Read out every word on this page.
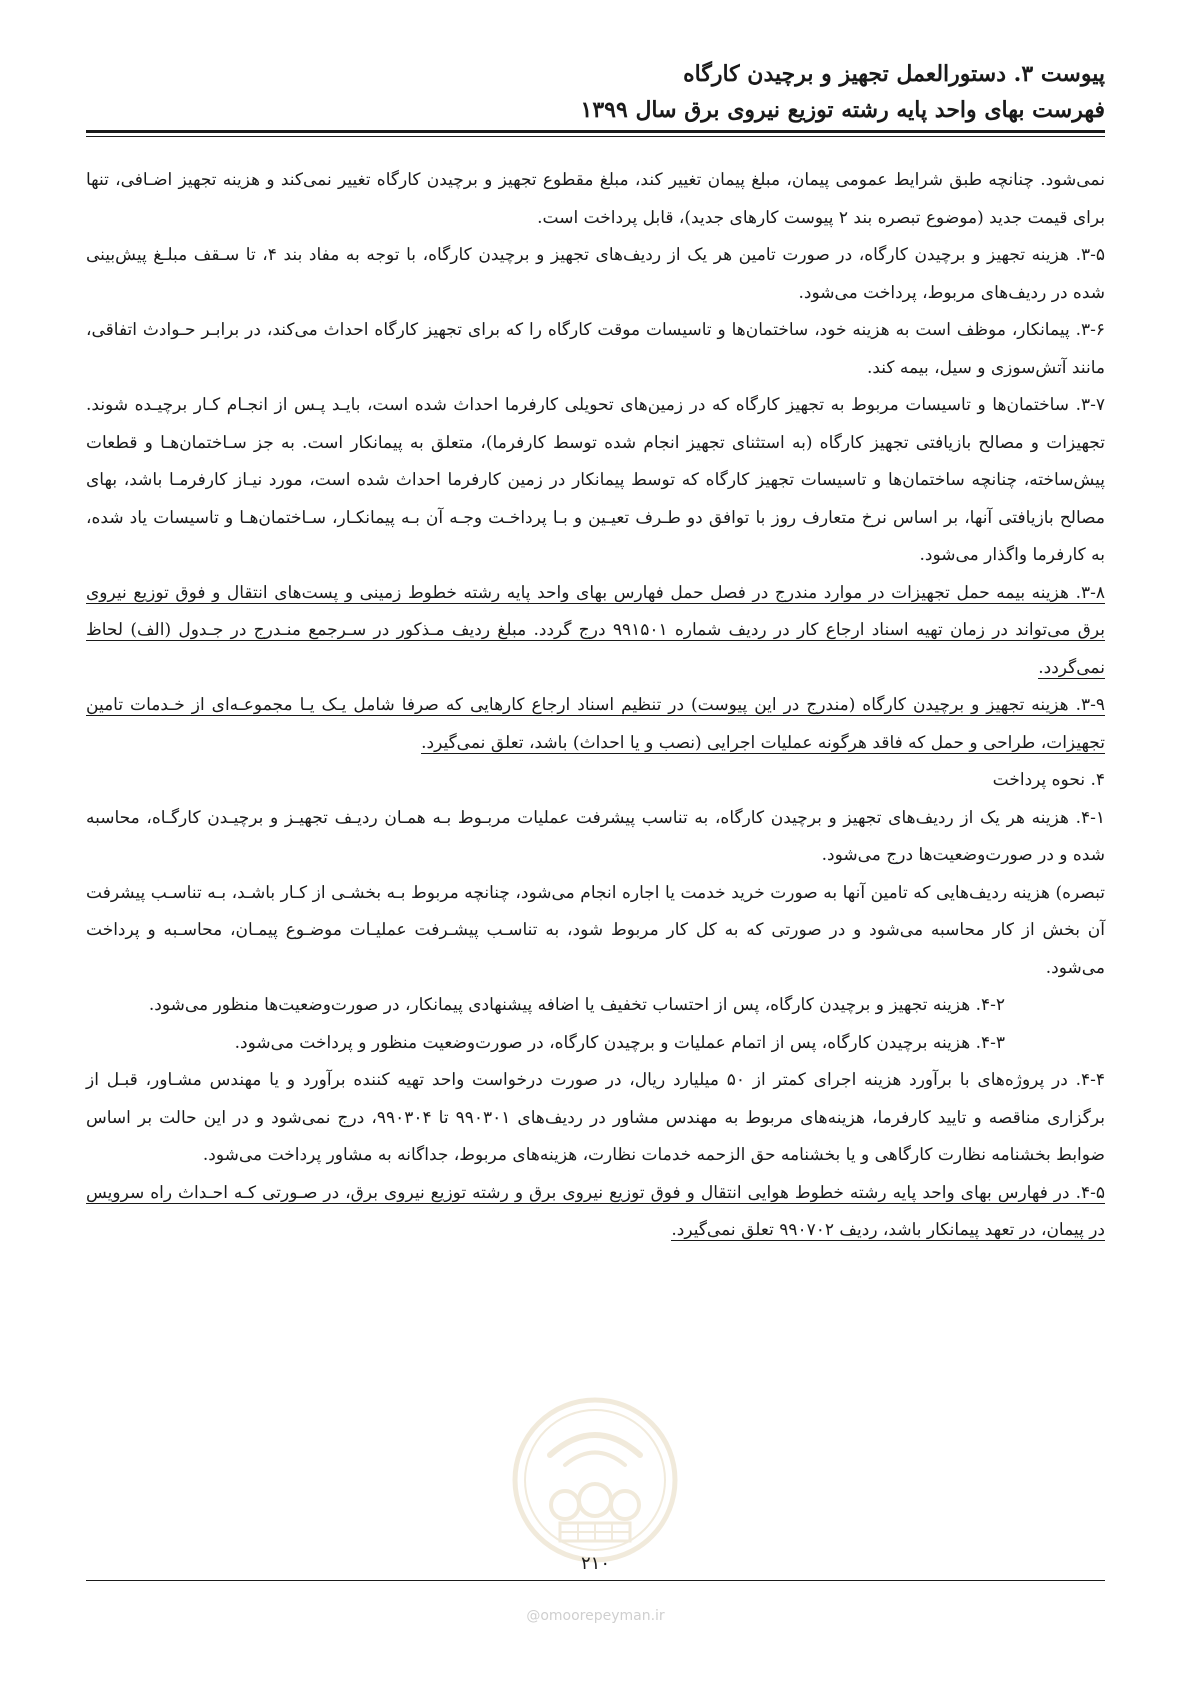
پیوست ۳. دستورالعمل تجهیز و برچیدن کارگاه
فهرست بهای واحد پایه رشته توزیع نیروی برق سال ۱۳۹۹

نمی‌شود. چنانچه طبق شرایط عمومی پیمان، مبلغ پیمان تغییر کند، مبلغ مقطوع تجهیز و برچیدن کارگاه تغییر نمی‌کند و هزینه تجهیز اضـافی، تنها برای قیمت جدید (موضوع تبصره بند ۲ پیوست کارهای جدید)، قابل پرداخت است.

۳-۵. هزینه تجهیز و برچیدن کارگاه، در صورت تامین هر یک از ردیف‌های تجهیز و برچیدن کارگاه، با توجه به مفاد بند ۴، تا سـقف مبلـغ پیش‌بینی شده در ردیف‌های مربوط، پرداخت می‌شود.

۳-۶. پیمانکار، موظف است به هزینه خود، ساختمان‌ها و تاسیسات موقت کارگاه را که برای تجهیز کارگاه احداث می‌کند، در برابـر حـوادث اتفاقی، مانند آتش‌سوزی و سیل، بیمه کند.

۳-۷. ساختمان‌ها و تاسیسات مربوط به تجهیز کارگاه که در زمین‌های تحویلی کارفرما احداث شده است، بایـد پـس از انجـام کـار برچیـده شوند. تجهیزات و مصالح بازیافتی تجهیز کارگاه (به استثنای تجهیز انجام شده توسط کارفرما)، متعلق به پیمانکار است. به جز سـاختمان‌هـا و قطعات پیش‌ساخته، چنانچه ساختمان‌ها و تاسیسات تجهیز کارگاه که توسط پیمانکار در زمین کارفرما احداث شده است، مورد نیـاز کارفرمـا باشد، بهای مصالح بازیافتی آنها، بر اساس نرخ متعارف روز با توافق دو طـرف تعیـین و بـا پرداخـت وجـه آن بـه پیمانکـار، سـاختمان‌هـا و تاسیسات یاد شده، به کارفرما واگذار می‌شود.

۳-۸. هزینه بیمه حمل تجهیزات در موارد مندرج در فصل حمل فهارس بهای واحد پایه رشته خطوط زمینی و پست‌های انتقال و فوق توزیع نیروی برق می‌تواند در زمان تهیه اسناد ارجاع کار در ردیف شماره ۹۹۱۵۰۱ درج گردد. مبلغ ردیف مـذکور در سـرجمع منـدرج در جـدول (الف) لحاظ نمی‌گردد.

۳-۹. هزینه تجهیز و برچیدن کارگاه (مندرج در این پیوست) در تنظیم اسناد ارجاع کارهایی که صرفا شامل یـک یـا مجموعـه‌ای از خـدمات تامین تجهیزات، طراحی و حمل که فاقد هرگونه عملیات اجرایی (نصب و یا احداث) باشد، تعلق نمی‌گیرد.

۴. نحوه پرداخت

۴-۱. هزینه هر یک از ردیف‌های تجهیز و برچیدن کارگاه، به تناسب پیشرفت عملیات مربـوط بـه همـان ردیـف تجهیـز و برچیـدن کارگـاه، محاسبه شده و در صورت‌وضعیت‌ها درج می‌شود.

تبصره) هزینه ردیف‌هایی که تامین آنها به صورت خرید خدمت یا اجاره انجام می‌شود، چنانچه مربوط بـه بخشـی از کـار باشـد، بـه تناسـب پیشرفت آن بخش از کار محاسبه می‌شود و در صورتی که به کل کار مربوط شود، به تناسـب پیشـرفت عملیـات موضـوع پیمـان، محاسـبه و پرداخت می‌شود.

۴-۲. هزینه تجهیز و برچیدن کارگاه، پس از احتساب تخفیف یا اضافه پیشنهادی پیمانکار، در صورت‌وضعیت‌ها منظور می‌شود.

۴-۳. هزینه برچیدن کارگاه، پس از اتمام عملیات و برچیدن کارگاه، در صورت‌وضعیت منظور و پرداخت می‌شود.

۴-۴. در پروژه‌های با برآورد هزینه اجرای کمتر از ۵۰ میلیارد ریال، در صورت درخواست واحد تهیه کننده برآورد و یا مهندس مشـاور، قبـل از برگزاری مناقصه و تایید کارفرما، هزینه‌های مربوط به مهندس مشاور در ردیف‌های ۹۹۰۳۰۱ تا ۹۹۰۳۰۴، درج نمی‌شود و در این حالت بر اساس ضوابط بخشنامه نظارت کارگاهی و یا بخشنامه حق الزحمه خدمات نظارت، هزینه‌های مربوط، جداگانه به مشاور پرداخت می‌شود.

۴-۵. در فهارس بهای واحد پایه رشته خطوط هوایی انتقال و فوق توزیع نیروی برق و رشته توزیع نیروی برق، در صـورتی کـه احـداث راه سرویس در پیمان، در تعهد پیمانکار باشد، ردیف ۹۹۰۷۰۲ تعلق نمی‌گیرد.

۲۱۰
@omoorepeyman.ir
